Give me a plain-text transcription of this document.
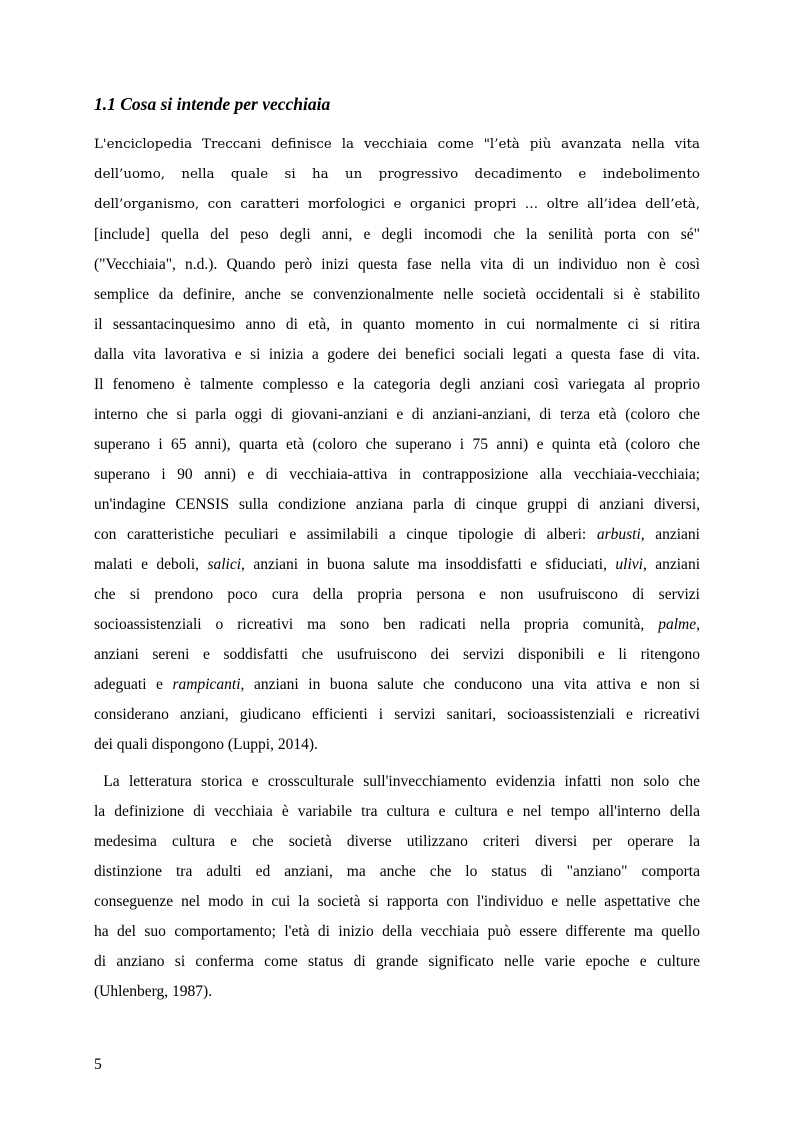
1.1 Cosa si intende per vecchiaia
L'enciclopedia Treccani definisce la vecchiaia come "l’età più avanzata nella vita
dell’uomo, nella quale si ha un progressivo decadimento e indebolimento
dell’organismo, con caratteri morfologici e organici propri … oltre all’idea dell’età,
[include] quella del peso degli anni, e degli incomodi che la senilità porta con sé"
("Vecchiaia", n.d.). Quando però inizi questa fase nella vita di un individuo non è così
semplice da definire, anche se convenzionalmente nelle società occidentali si è stabilito
il sessantacinquesimo anno di età, in quanto momento in cui normalmente ci si ritira
dalla vita lavorativa e si inizia a godere dei benefici sociali legati a questa fase di vita.
Il fenomeno è talmente complesso e la categoria degli anziani così variegata al proprio
interno che si parla oggi di giovani-anziani e di anziani-anziani, di terza età (coloro che
superano i 65 anni), quarta età (coloro che superano i 75 anni) e quinta età (coloro che
superano i 90 anni) e di vecchiaia-attiva in contrapposizione alla vecchiaia-vecchiaia;
un'indagine CENSIS sulla condizione anziana parla di cinque gruppi di anziani diversi,
con caratteristiche peculiari e assimilabili a cinque tipologie di alberi: arbusti, anziani
malati e deboli, salici, anziani in buona salute ma insoddisfatti e sfiduciati, ulivi, anziani
che si prendono poco cura della propria persona e non usufruiscono di servizi
socioassistenziali o ricreativi ma sono ben radicati nella propria comunità, palme,
anziani sereni e soddisfatti che usufruiscono dei servizi disponibili e li ritengono
adeguati e rampicanti, anziani in buona salute che conducono una vita attiva e non si
considerano anziani, giudicano efficienti i servizi sanitari, socioassistenziali e ricreativi
dei quali dispongono (Luppi, 2014).
La letteratura storica e crossculturale sull'invecchiamento evidenzia infatti non solo che
la definizione di vecchiaia è variabile tra cultura e cultura e nel tempo all'interno della
medesima cultura e che società diverse utilizzano criteri diversi per operare la
distinzione tra adulti ed anziani, ma anche che lo status di "anziano" comporta
conseguenze nel modo in cui la società si rapporta con l'individuo e nelle aspettative che
ha del suo comportamento; l'età di inizio della vecchiaia può essere differente ma quello
di anziano si conferma come status di grande significato nelle varie epoche e culture
(Uhlenberg, 1987).
5
